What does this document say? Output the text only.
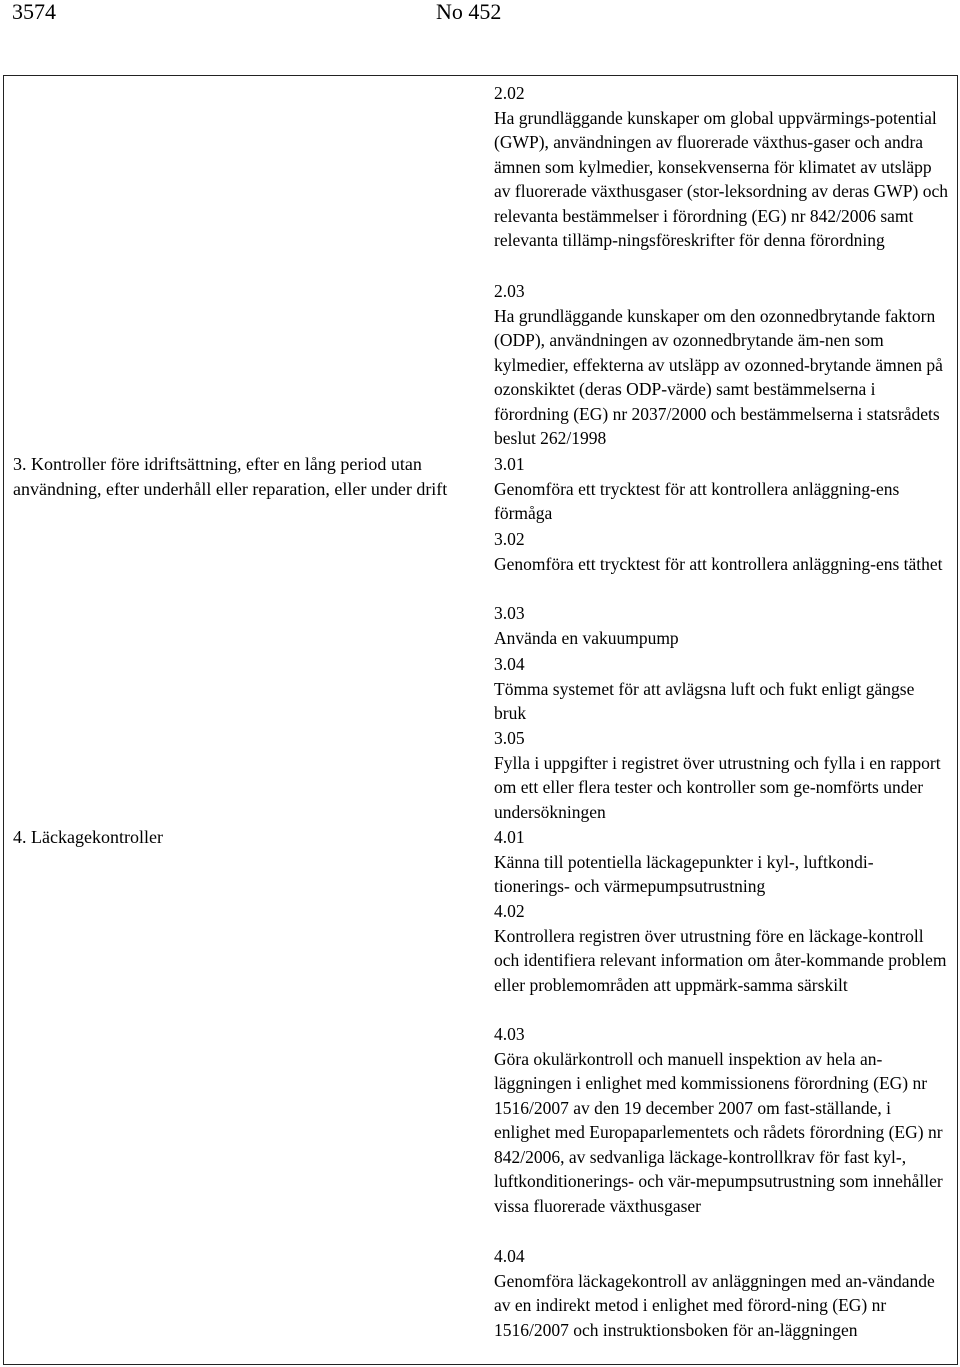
3574	No 452
3. Kontroller före idriftsättning, efter en lång period utan användning, efter underhåll eller reparation, eller under drift
4. Läckagekontroller
2.02
Ha grundläggande kunskaper om global uppvärmings-potential (GWP), användningen av fluorerade växthus-gaser och andra ämnen som kylmedier, konsekvenserna för klimatet av utsläpp av fluorerade växthusgaser (stor-leksordning av deras GWP) och relevanta bestämmelser i förordning (EG) nr 842/2006 samt relevanta tillämp-ningsföreskrifter för denna förordning
2.03
Ha grundläggande kunskaper om den ozonnedbrytande faktorn (ODP), användningen av ozonnedbrytande äm-nen som kylmedier, effekterna av utsläpp av ozonned-brytande ämnen på ozonskiktet (deras ODP-värde) samt bestämmelserna i förordning (EG) nr 2037/2000 och bestämmelserna i statsrådets beslut 262/1998
3.01
Genomföra ett trycktest för att kontrollera anläggning-ens förmåga
3.02
Genomföra ett trycktest för att kontrollera anläggning-ens täthet
3.03
Använda en vakuumpump
3.04
Tömma systemet för att avlägsna luft och fukt enligt gängse bruk
3.05
Fylla i uppgifter i registret över utrustning och fylla i en rapport om ett eller flera tester och kontroller som ge-nomförts under undersökningen
4.01
Känna till potentiella läckagepunkter i kyl-, luftkondi-tionerings- och värmepumpsutrustning
4.02
Kontrollera registren över utrustning före en läckage-kontroll och identifiera relevant information om åter-kommande problem eller problemområden att uppmärk-samma särskilt
4.03
Göra okulärkontroll och manuell inspektion av hela an-läggningen i enlighet med kommissionens förordning (EG) nr 1516/2007 av den 19 december 2007 om fast-ställande, i enlighet med Europaparlementets och rådets förordning (EG) nr 842/2006, av sedvanliga läckage-kontrollkrav för fast kyl-, luftkonditionerings- och vär-mepumpsutrustning som innehåller vissa fluorerade växthusgaser
4.04
Genomföra läckagekontroll av anläggningen med an-vändande av en indirekt metod i enlighet med förord-ning (EG) nr 1516/2007 och instruktionsboken för an-läggningen
